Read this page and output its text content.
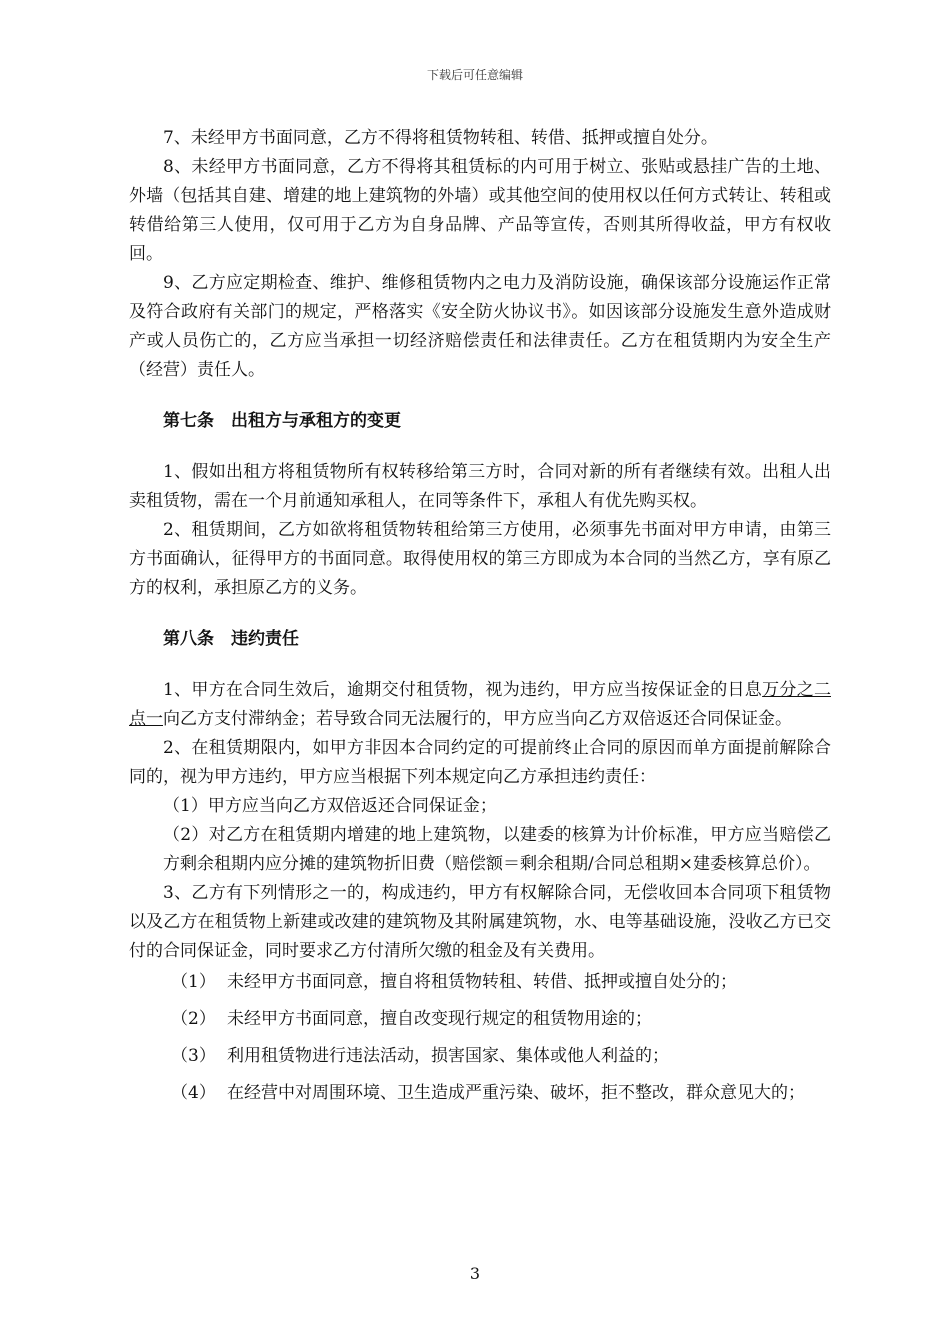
下载后可任意编辑

7、未经甲方书面同意，乙方不得将租赁物转租、转借、抵押或擅自处分。

8、未经甲方书面同意，乙方不得将其租赁标的内可用于树立、张贴或悬挂广告的土地、外墙（包括其自建、增建的地上建筑物的外墙）或其他空间的使用权以任何方式转让、转租或转借给第三人使用，仅可用于乙方为自身品牌、产品等宣传，否则其所得收益，甲方有权收回。

9、乙方应定期检查、维护、维修租赁物内之电力及消防设施，确保该部分设施运作正常及符合政府有关部门的规定，严格落实《安全防火协议书》。如因该部分设施发生意外造成财产或人员伤亡的，乙方应当承担一切经济赔偿责任和法律责任。乙方在租赁期内为安全生产（经营）责任人。

第七条　出租方与承租方的变更

1、假如出租方将租赁物所有权转移给第三方时，合同对新的所有者继续有效。出租人出卖租赁物，需在一个月前通知承租人，在同等条件下，承租人有优先购买权。

2、租赁期间，乙方如欲将租赁物转租给第三方使用，必须事先书面对甲方申请，由第三方书面确认，征得甲方的书面同意。取得使用权的第三方即成为本合同的当然乙方，享有原乙方的权利，承担原乙方的义务。

第八条　违约责任

1、甲方在合同生效后，逾期交付租赁物，视为违约，甲方应当按保证金的日息万分之二点一向乙方支付滞纳金；若导致合同无法履行的，甲方应当向乙方双倍返还合同保证金。

2、在租赁期限内，如甲方非因本合同约定的可提前终止合同的原因而单方面提前解除合同的，视为甲方违约，甲方应当根据下列本规定向乙方承担违约责任：

（1）甲方应当向乙方双倍返还合同保证金；

（2）对乙方在租赁期内增建的地上建筑物，以建委的核算为计价标准，甲方应当赔偿乙方剩余租期内应分摊的建筑物折旧费（赔偿额＝剩余租期/合同总租期×建委核算总价）。

3、乙方有下列情形之一的，构成违约，甲方有权解除合同，无偿收回本合同项下租赁物以及乙方在租赁物上新建或改建的建筑物及其附属建筑物，水、电等基础设施，没收乙方已交付的合同保证金，同时要求乙方付清所欠缴的租金及有关费用。

（1） 未经甲方书面同意，擅自将租赁物转租、转借、抵押或擅自处分的；
（2） 未经甲方书面同意，擅自改变现行规定的租赁物用途的；
（3） 利用租赁物进行违法活动，损害国家、集体或他人利益的；
（4） 在经营中对周围环境、卫生造成严重污染、破坏，拒不整改，群众意见大的；
3
